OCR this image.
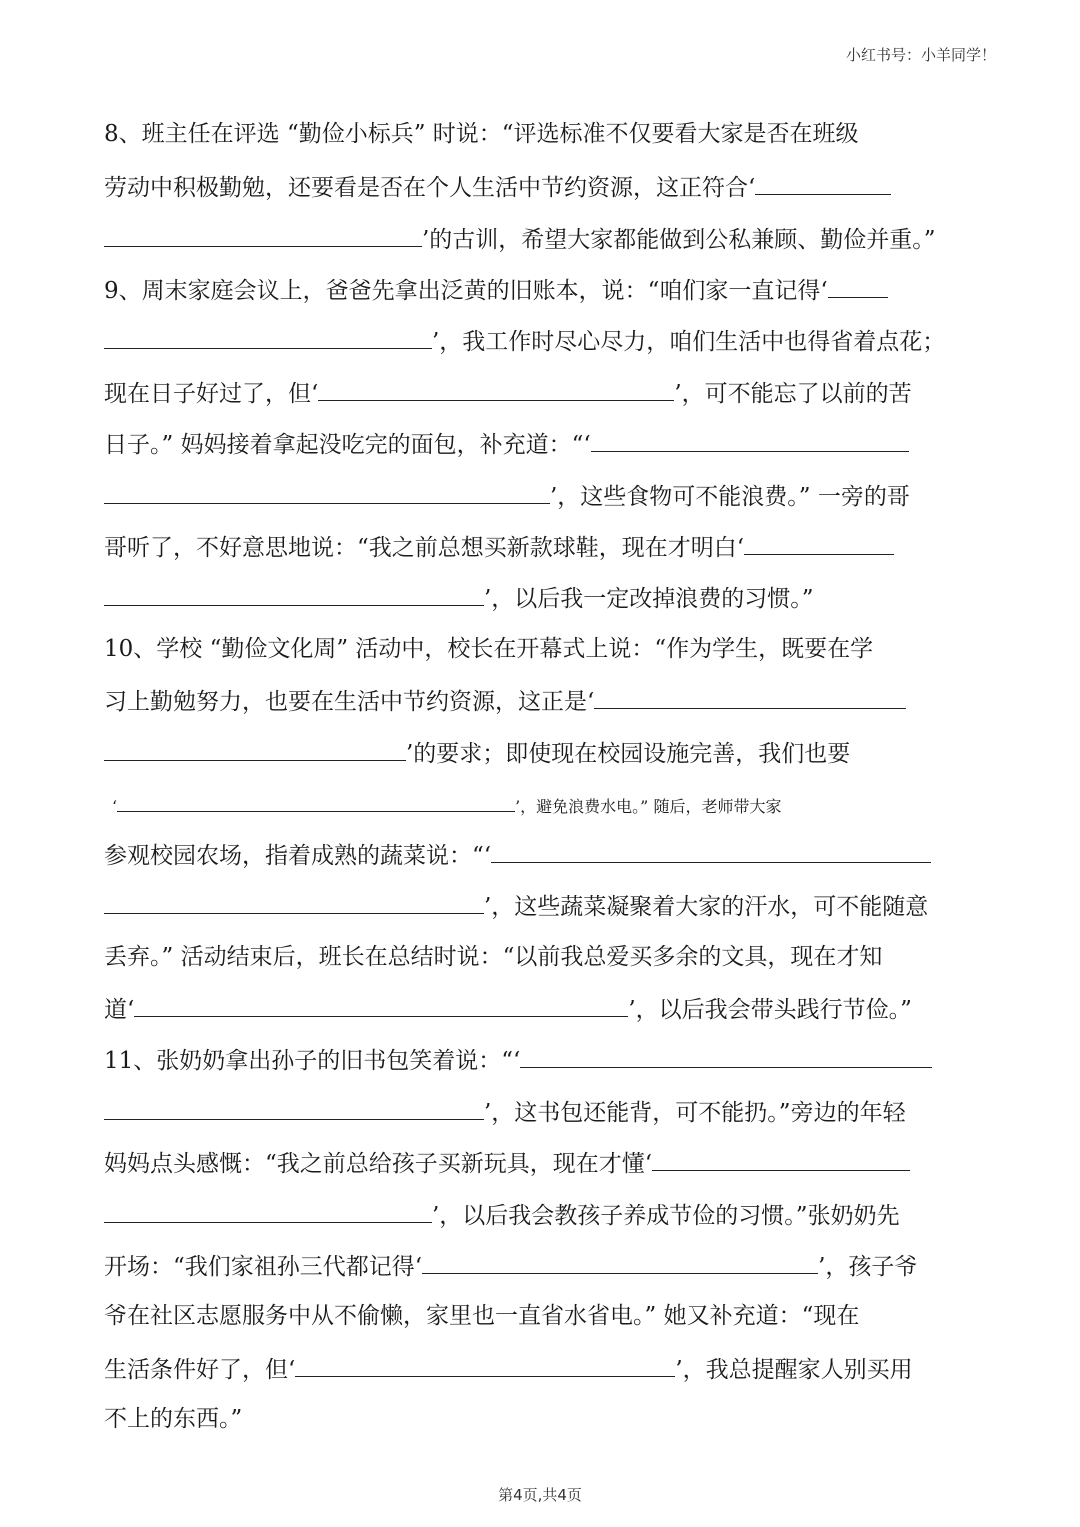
小红书号：小羊同学！
8、班主任在评选 “勤俭小标兵” 时说：“评选标准不仅要看大家是否在班级
劳动中积极勤勉，还要看是否在个人生活中节约资源，这正符合‘
’的古训，希望大家都能做到公私兼顾、勤俭并重。”
9、周末家庭会议上，爸爸先拿出泛黄的旧账本，说：“咱们家一直记得‘
’，我工作时尽心尽力，咱们生活中也得省着点花；
现在日子好过了，但‘	’，可不能忘了以前的苦
日子。” 妈妈接着拿起没吃完的面包，补充道：“‘
’，这些食物可不能浪费。” 一旁的哥
哥听了，不好意思地说：“我之前总想买新款球鞋，现在才明白‘
’，以后我一定改掉浪费的习惯。”
10、学校 “勤俭文化周” 活动中，校长在开幕式上说：“作为学生，既要在学
习上勤勉努力，也要在生活中节约资源，这正是‘
’的要求；即使现在校园设施完善，我们也要
‘	’，避免浪费水电。” 随后，老师带大家
参观校园农场，指着成熟的蔬菜说：“‘
’，这些蔬菜凝聚着大家的汗水，可不能随意
丢弃。” 活动结束后，班长在总结时说：“以前我总爱买多余的文具，现在才知
道‘	’，以后我会带头践行节俭。”
11、张奶奶拿出孙子的旧书包笑着说：“‘
’，这书包还能背，可不能扔。”旁边的年轻
妈妈点头感慨：“我之前总给孩子买新玩具，现在才懂‘
’，以后我会教孩子养成节俭的习惯。”张奶奶先
开场：“我们家祖孙三代都记得‘	’，孩子爷
爷在社区志愿服务中从不偷懒，家里也一直省水省电。” 她又补充道：“现在
生活条件好了，但‘	’，我总提醒家人别买用
不上的东西。”
第4页,共4页
